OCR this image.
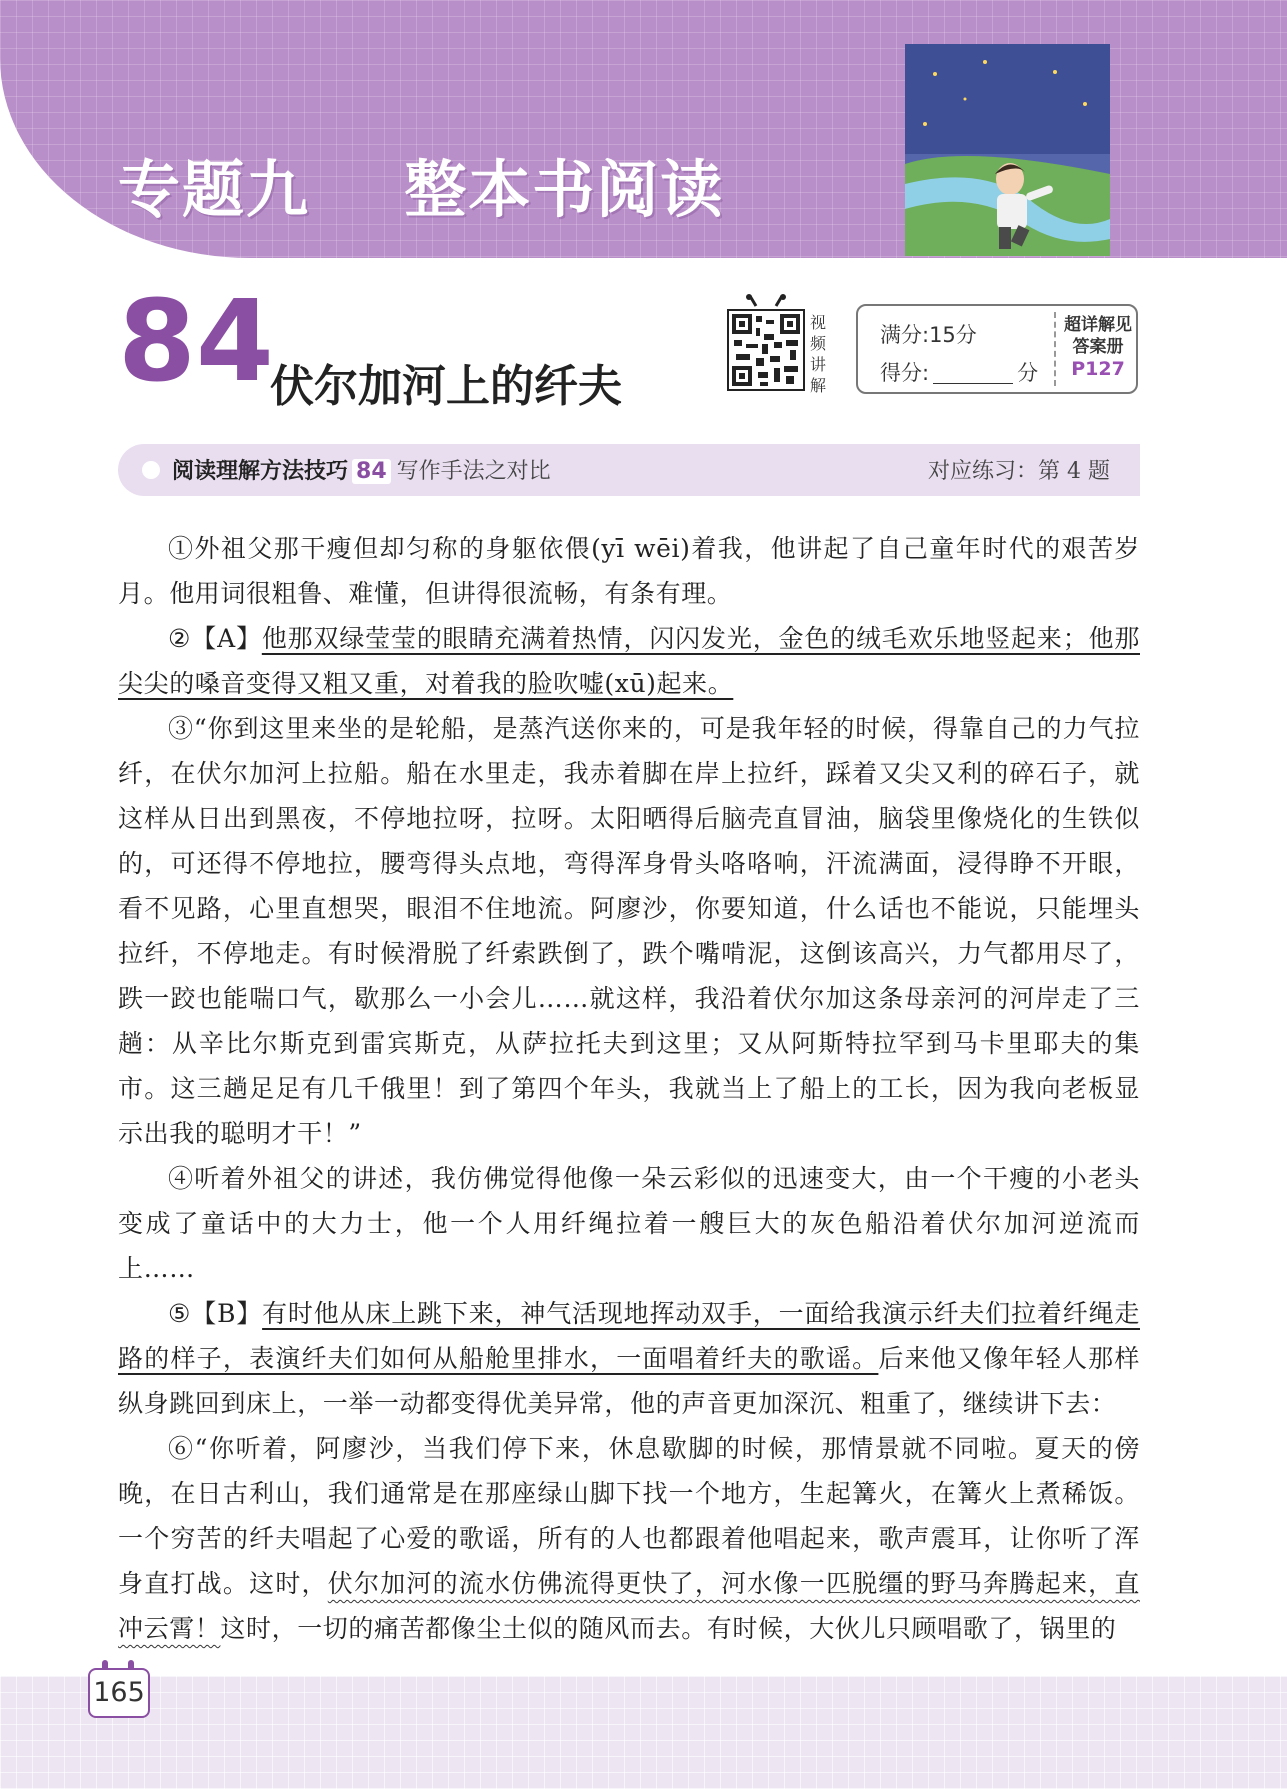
专题九    整本书阅读
84
伏尔加河上的纤夫
视
频
讲
解
满分:15分
得分:	分
超详解见
答案册
P127
阅读理解方法技巧 84 写作手法之对比	对应练习：第 4 题

①外祖父那干瘦但却匀称的身躯依偎(yī wēi)着我，他讲起了自己童年时代的艰苦岁月。他用词很粗鲁、难懂，但讲得很流畅，有条有理。

②【A】他那双绿莹莹的眼睛充满着热情，闪闪发光，金色的绒毛欢乐地竖起来；他那尖尖的嗓音变得又粗又重，对着我的脸吹嘘(xū)起来。

③“你到这里来坐的是轮船，是蒸汽送你来的，可是我年轻的时候，得靠自己的力气拉纤，在伏尔加河上拉船。船在水里走，我赤着脚在岸上拉纤，踩着又尖又利的碎石子，就这样从日出到黑夜，不停地拉呀，拉呀。太阳晒得后脑壳直冒油，脑袋里像烧化的生铁似的，可还得不停地拉，腰弯得头点地，弯得浑身骨头咯咯响，汗流满面，浸得睁不开眼，看不见路，心里直想哭，眼泪不住地流。阿廖沙，你要知道，什么话也不能说，只能埋头拉纤，不停地走。有时候滑脱了纤索跌倒了，跌个嘴啃泥，这倒该高兴，力气都用尽了，跌一跤也能喘口气，歇那么一小会儿……就这样，我沿着伏尔加这条母亲河的河岸走了三趟：从辛比尔斯克到雷宾斯克，从萨拉托夫到这里；又从阿斯特拉罕到马卡里耶夫的集市。这三趟足足有几千俄里！到了第四个年头，我就当上了船上的工长，因为我向老板显示出我的聪明才干！”

④听着外祖父的讲述，我仿佛觉得他像一朵云彩似的迅速变大，由一个干瘦的小老头变成了童话中的大力士，他一个人用纤绳拉着一艘巨大的灰色船沿着伏尔加河逆流而上……

⑤【B】有时他从床上跳下来，神气活现地挥动双手，一面给我演示纤夫们拉着纤绳走路的样子，表演纤夫们如何从船舱里排水，一面唱着纤夫的歌谣。后来他又像年轻人那样纵身跳回到床上，一举一动都变得优美异常，他的声音更加深沉、粗重了，继续讲下去：

⑥“你听着，阿廖沙，当我们停下来，休息歇脚的时候，那情景就不同啦。夏天的傍晚，在日古利山，我们通常是在那座绿山脚下找一个地方，生起篝火，在篝火上煮稀饭。一个穷苦的纤夫唱起了心爱的歌谣，所有的人也都跟着他唱起来，歌声震耳，让你听了浑身直打战。这时，伏尔加河的流水仿佛流得更快了，河水像一匹脱缰的野马奔腾起来，直冲云霄！这时，一切的痛苦都像尘土似的随风而去。有时候，大伙儿只顾唱歌了，锅里的

165
